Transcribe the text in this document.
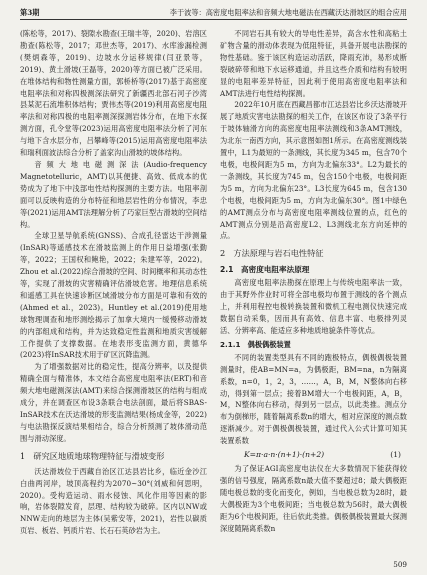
第3期	李于波等：高密度电阻率法和音频大地电磁法在西藏沃达滑坡区的组合应用

(陈松等，2017)、裂隙水勘查(王瑞丰等，2020)、岩溶区勘查(陈松等，2017；邓世杰等，2017)、水库渗漏检测(樊炳森等，2019)、边坡水分运移规律(闫亚景等，2019)、黄土滑坡(王磊等，2020)等方面已被广泛采用。在堆体结构和物性测量方面，郭桥桥等(2017)基于高密度电阻率法和对称四极测深法研究了新疆西北部石河子沙湾县某泥石流堆积体结构；贾伟杰等(2019)利用高密度电阻率法和对称四极的电阻率测深探测岩体分布，在地下水探测方面，孔令堂等(2023)运用高密度电阻率法分析了河东与地下含水层分布，吕攀峰等(2015)运用高密度电阻率法和瑞利面波法综合分析了盖家沟山滑坡的坡体结构。

音频大地电磁测深法(Audio-frequency Magnetotelluric，AMT)以其便捷、高效、低成本的优势成为了地下中浅部电性结构探测的主要方法。电阻率剖面可以反映构造的分布特征和地层岩性的分布情况，李忠等(2021)运用AMT法理解分析了巧家巨型古滑坡的空间结构。

全球卫星导航系统(GNSS)、合成孔径雷达干涉测量(InSAR)等遥感技术在滑坡监测上的作用日益增强(张勤等，2022；王国权和鲍艳，2022；朱建军等，2022)。Zhou et al.(2022)综合滑坡的空间、时间概率和其动态性等，实现了滑坡的灾害精确评估滑坡危害。地理信息系统和遥感工具在快速诊断区域滑坡分布方面是可靠和有效的(Ahmed et al.，2023)。Huntley et al.(2019)使用地球物理调查和地形测绘揭示了加拿大境内一缓慢移动滑坡的内部组成和结构，并为达致稳定性监测和地质灾害缓解工作提供了支撑数据。在地表形变监测方面，黄德华(2023)将InSAR技术用于矿区沉降监测。

为了增强数据对比的稳定性，提高分辨率，以及提供精确全面与精准体，本文结合高密度电阻率法(ERT)和音频大地电磁测深法(AMT)来综合探测滑坡区的结构与组成成分，并在调查区布设3条联合电法剖面，最后将SBAS-InSAR技术在沃达滑坡的形变监测结果(杨成金等，2022)与电法勘探反演结果相结合，综合分析预测了坡体滑动范围与滑动深度。

1　研究区地质地球物理特征与滑坡变形

沃达滑坡位于西藏自治区江达县岩比乡，临近金沙江白曲两河岸，坡顶高程约为2070~30°(刘威和何思明，2020)。受构造运动、雨水侵蚀、风化作用等因素的影响，岩体裂隙发育，层理、结构较为破碎。区内以NW或NNW走向的地层为主体(吴紫安等，2021)，岩性以碳质页岩、板岩、钙质片岩、长石石英砂岩为主。

不同岩石具有较大的导电性差异，高含水性和高粘土矿物含量的滑动体表现为低阻特征，具备开展电法勘探的物性基础。鉴于该区构造运动活跃，降雨充沛，易形成断裂破碎带和地下水运移通道，并且这些介质和结构有较明显的电阻率差异特征，因此利于使用高密度电阻率法和AMT法进行电性结构探测。

2022年10月底在西藏昌都市江达县岩比乡沃达滑坡开展了地质灾害电法勘探的相关工作，在该区布设了3条平行于坡体轴滑方向的高密度电阻率法测线和3条AMT测线，为北东一南西方向，其示意图如图1所示。在高密度测线装置中，L1为最短的一条测线，其长度为345 m，包含70个电极，电极间距为5 m，方向为北偏东33°。L2为最长的一条测线，其长度为745 m，包含150个电极，电极间距为5 m，方向为北偏东23°。L3长度为645 m，包含130个电极，电极间距为5 m，方向为北偏东30°。图1中绿色的AMT测点分布与高密度电阻率测线位置的点，红色的AMT测点分别是沿高密度L2、L3测线北东方向延伸的点。

2　方法原理与岩石电性特征
2.1　高密度电阻率法原理

高密度电阻率法勘探在原理上与传统电阻率法一致，由于其野外作业时可将全部电极均布置于测线的各个测点上，并利用程控电极转换装置和微机工程电测仪快速完成数据自动采集，因而具有高效、信息丰富、电极排列灵活、分辨率高、能适应多种地质地貌条件等优点。

2.1.1　偶极偶极装置

不同的装置类型具有不同的跑极特点，偶极偶极装置测量时，使AB=MN=a，为偶极距，BM=na，n为隔离系数，n=0，1，2，3，……，A，B，M，N整体向右移动，得到第一层点；接着BM增大一个电极间距，A，B，M，N整体向右移动，得到另一层点，以此类推。测点分布为倒梯形，随着隔离系数n的增大，相对应深度的测点数逐渐减少。对于偶极偶极装置，通过代入公式计算可知其装置系数

K=π·a·n·(n+1)·(n+2)	(1)

为了保证AGI高密度电法仪在大多数情况下能获得较强的信号强度，隔离系数n最大值不要超过8；最大偶极距随电极总数的变化而变化，例如，当电极总数为28时，最大偶极距为3个电极间距；当电极总数为56时，最大偶极距为6个电极间距，往后依此类推。偶极偶极装置最大探测深度随隔离系数n

509
